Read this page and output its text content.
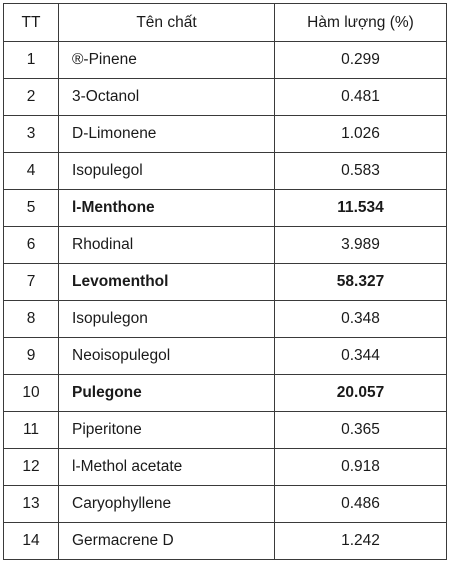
TT	Tên chất	Hàm lượng (%)
1	®-Pinene	0.299
2	3-Octanol	0.481
3	D-Limonene	1.026
4	Isopulegol	0.583
5	l-Menthone	11.534
6	Rhodinal	3.989
7	Levomenthol	58.327
8	Isopulegon	0.348
9	Neoisopulegol	0.344
10	Pulegone	20.057
11	Piperitone	0.365
12	l-Methol acetate	0.918
13	Caryophyllene	0.486
14	Germacrene D	1.242
